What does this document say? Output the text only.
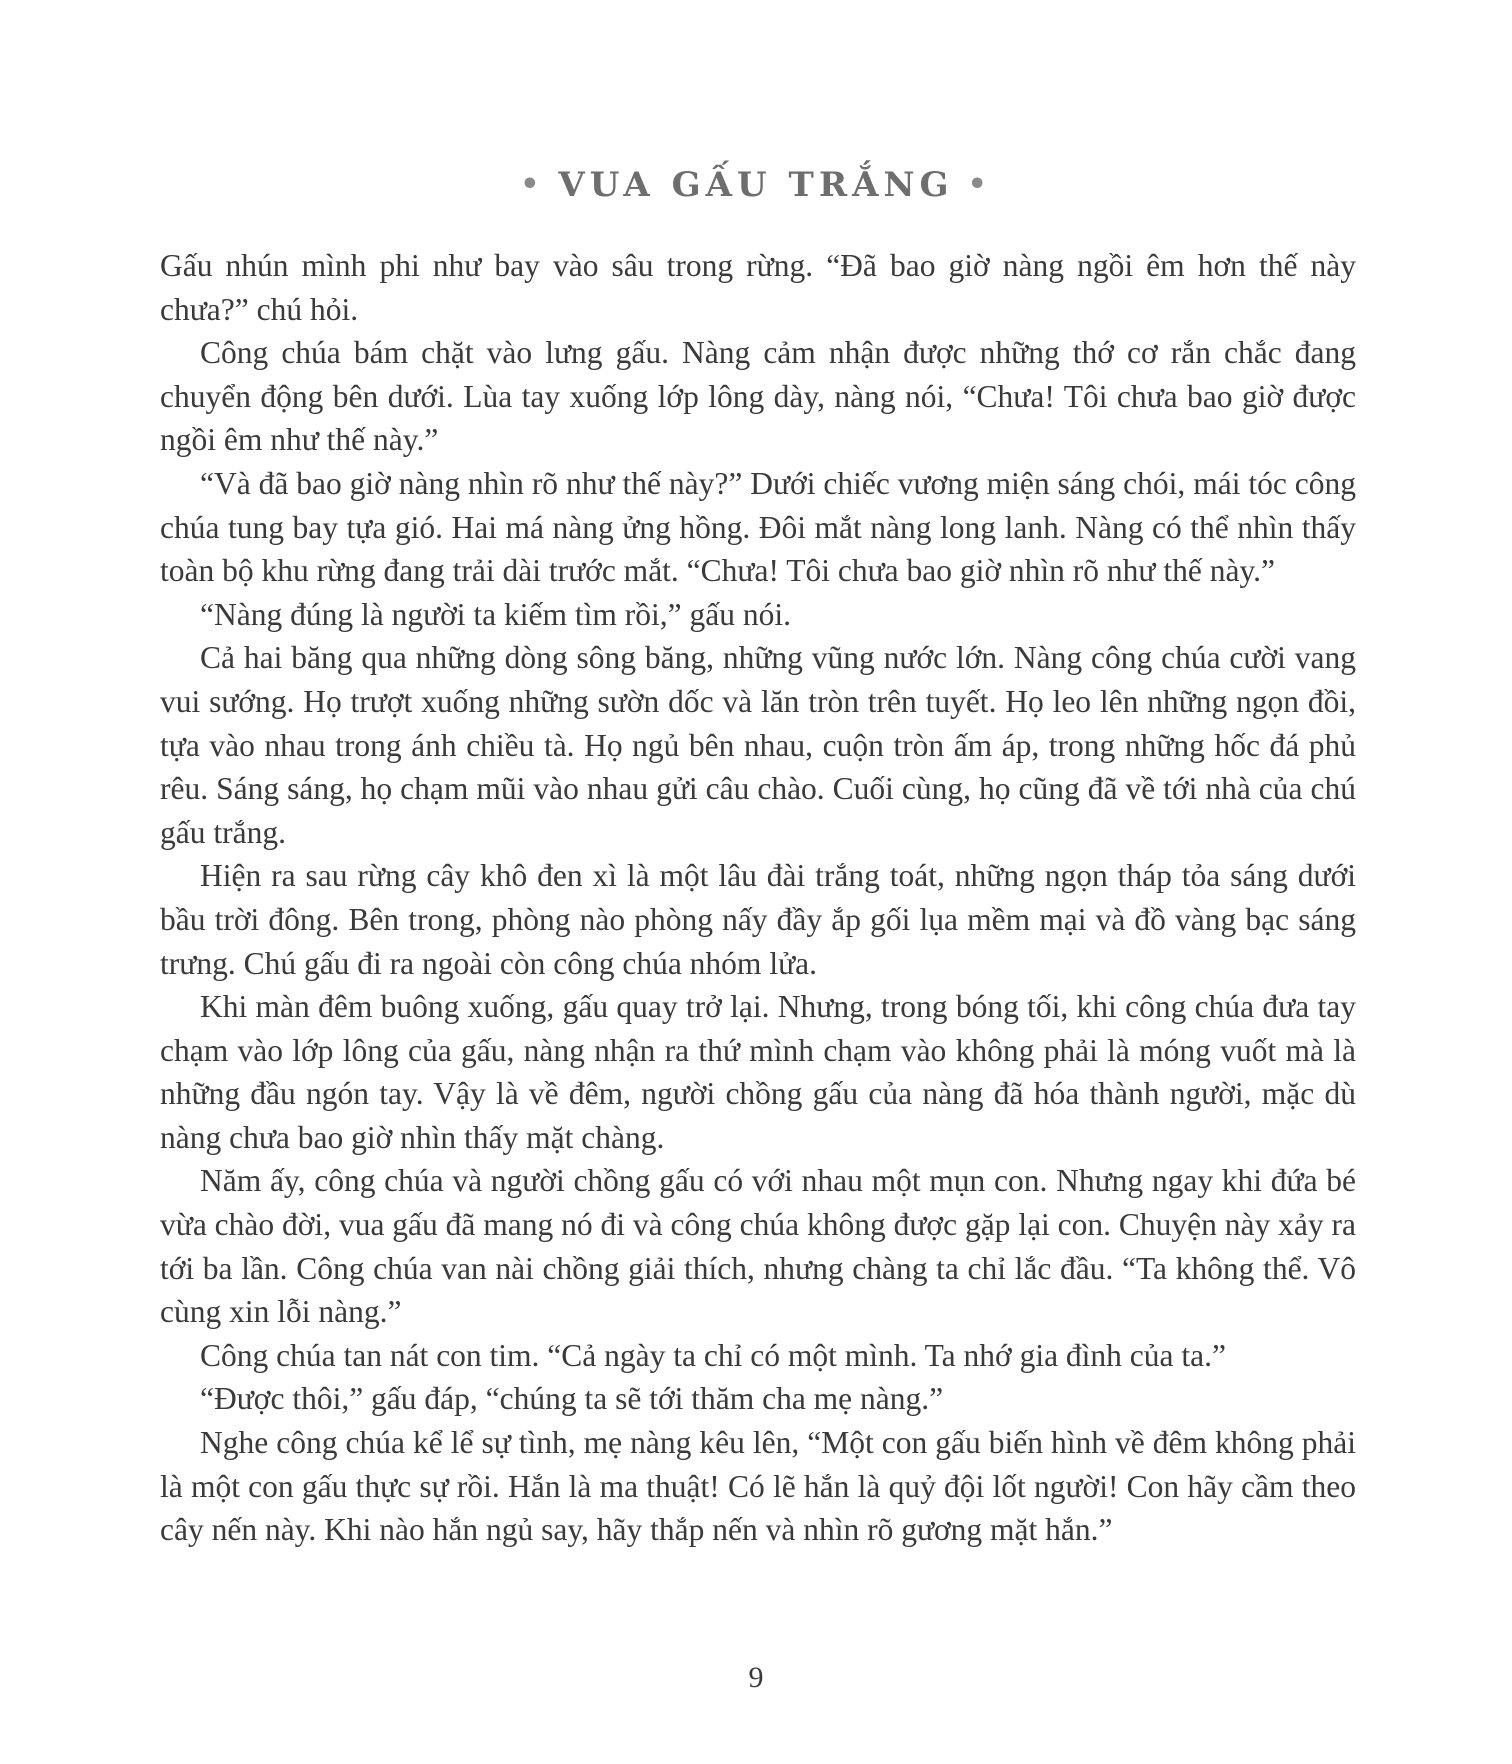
• VUA GẤU TRẮNG •

Gấu nhún mình phi như bay vào sâu trong rừng. “Đã bao giờ nàng ngồi êm hơn thế này chưa?” chú hỏi.

Công chúa bám chặt vào lưng gấu. Nàng cảm nhận được những thớ cơ rắn chắc đang chuyển động bên dưới. Lùa tay xuống lớp lông dày, nàng nói, “Chưa! Tôi chưa bao giờ được ngồi êm như thế này.”

“Và đã bao giờ nàng nhìn rõ như thế này?” Dưới chiếc vương miện sáng chói, mái tóc công chúa tung bay tựa gió. Hai má nàng ửng hồng. Đôi mắt nàng long lanh. Nàng có thể nhìn thấy toàn bộ khu rừng đang trải dài trước mắt. “Chưa! Tôi chưa bao giờ nhìn rõ như thế này.”

“Nàng đúng là người ta kiếm tìm rồi,” gấu nói.

Cả hai băng qua những dòng sông băng, những vũng nước lớn. Nàng công chúa cười vang vui sướng. Họ trượt xuống những sườn dốc và lăn tròn trên tuyết. Họ leo lên những ngọn đồi, tựa vào nhau trong ánh chiều tà. Họ ngủ bên nhau, cuộn tròn ấm áp, trong những hốc đá phủ rêu. Sáng sáng, họ chạm mũi vào nhau gửi câu chào. Cuối cùng, họ cũng đã về tới nhà của chú gấu trắng.

Hiện ra sau rừng cây khô đen xì là một lâu đài trắng toát, những ngọn tháp tỏa sáng dưới bầu trời đông. Bên trong, phòng nào phòng nấy đầy ắp gối lụa mềm mại và đồ vàng bạc sáng trưng. Chú gấu đi ra ngoài còn công chúa nhóm lửa.

Khi màn đêm buông xuống, gấu quay trở lại. Nhưng, trong bóng tối, khi công chúa đưa tay chạm vào lớp lông của gấu, nàng nhận ra thứ mình chạm vào không phải là móng vuốt mà là những đầu ngón tay. Vậy là về đêm, người chồng gấu của nàng đã hóa thành người, mặc dù nàng chưa bao giờ nhìn thấy mặt chàng.

Năm ấy, công chúa và người chồng gấu có với nhau một mụn con. Nhưng ngay khi đứa bé vừa chào đời, vua gấu đã mang nó đi và công chúa không được gặp lại con. Chuyện này xảy ra tới ba lần. Công chúa van nài chồng giải thích, nhưng chàng ta chỉ lắc đầu. “Ta không thể. Vô cùng xin lỗi nàng.”

Công chúa tan nát con tim. “Cả ngày ta chỉ có một mình. Ta nhớ gia đình của ta.”

“Được thôi,” gấu đáp, “chúng ta sẽ tới thăm cha mẹ nàng.”

Nghe công chúa kể lể sự tình, mẹ nàng kêu lên, “Một con gấu biến hình về đêm không phải là một con gấu thực sự rồi. Hắn là ma thuật! Có lẽ hắn là quỷ đội lốt người! Con hãy cầm theo cây nến này. Khi nào hắn ngủ say, hãy thắp nến và nhìn rõ gương mặt hắn.”

9
